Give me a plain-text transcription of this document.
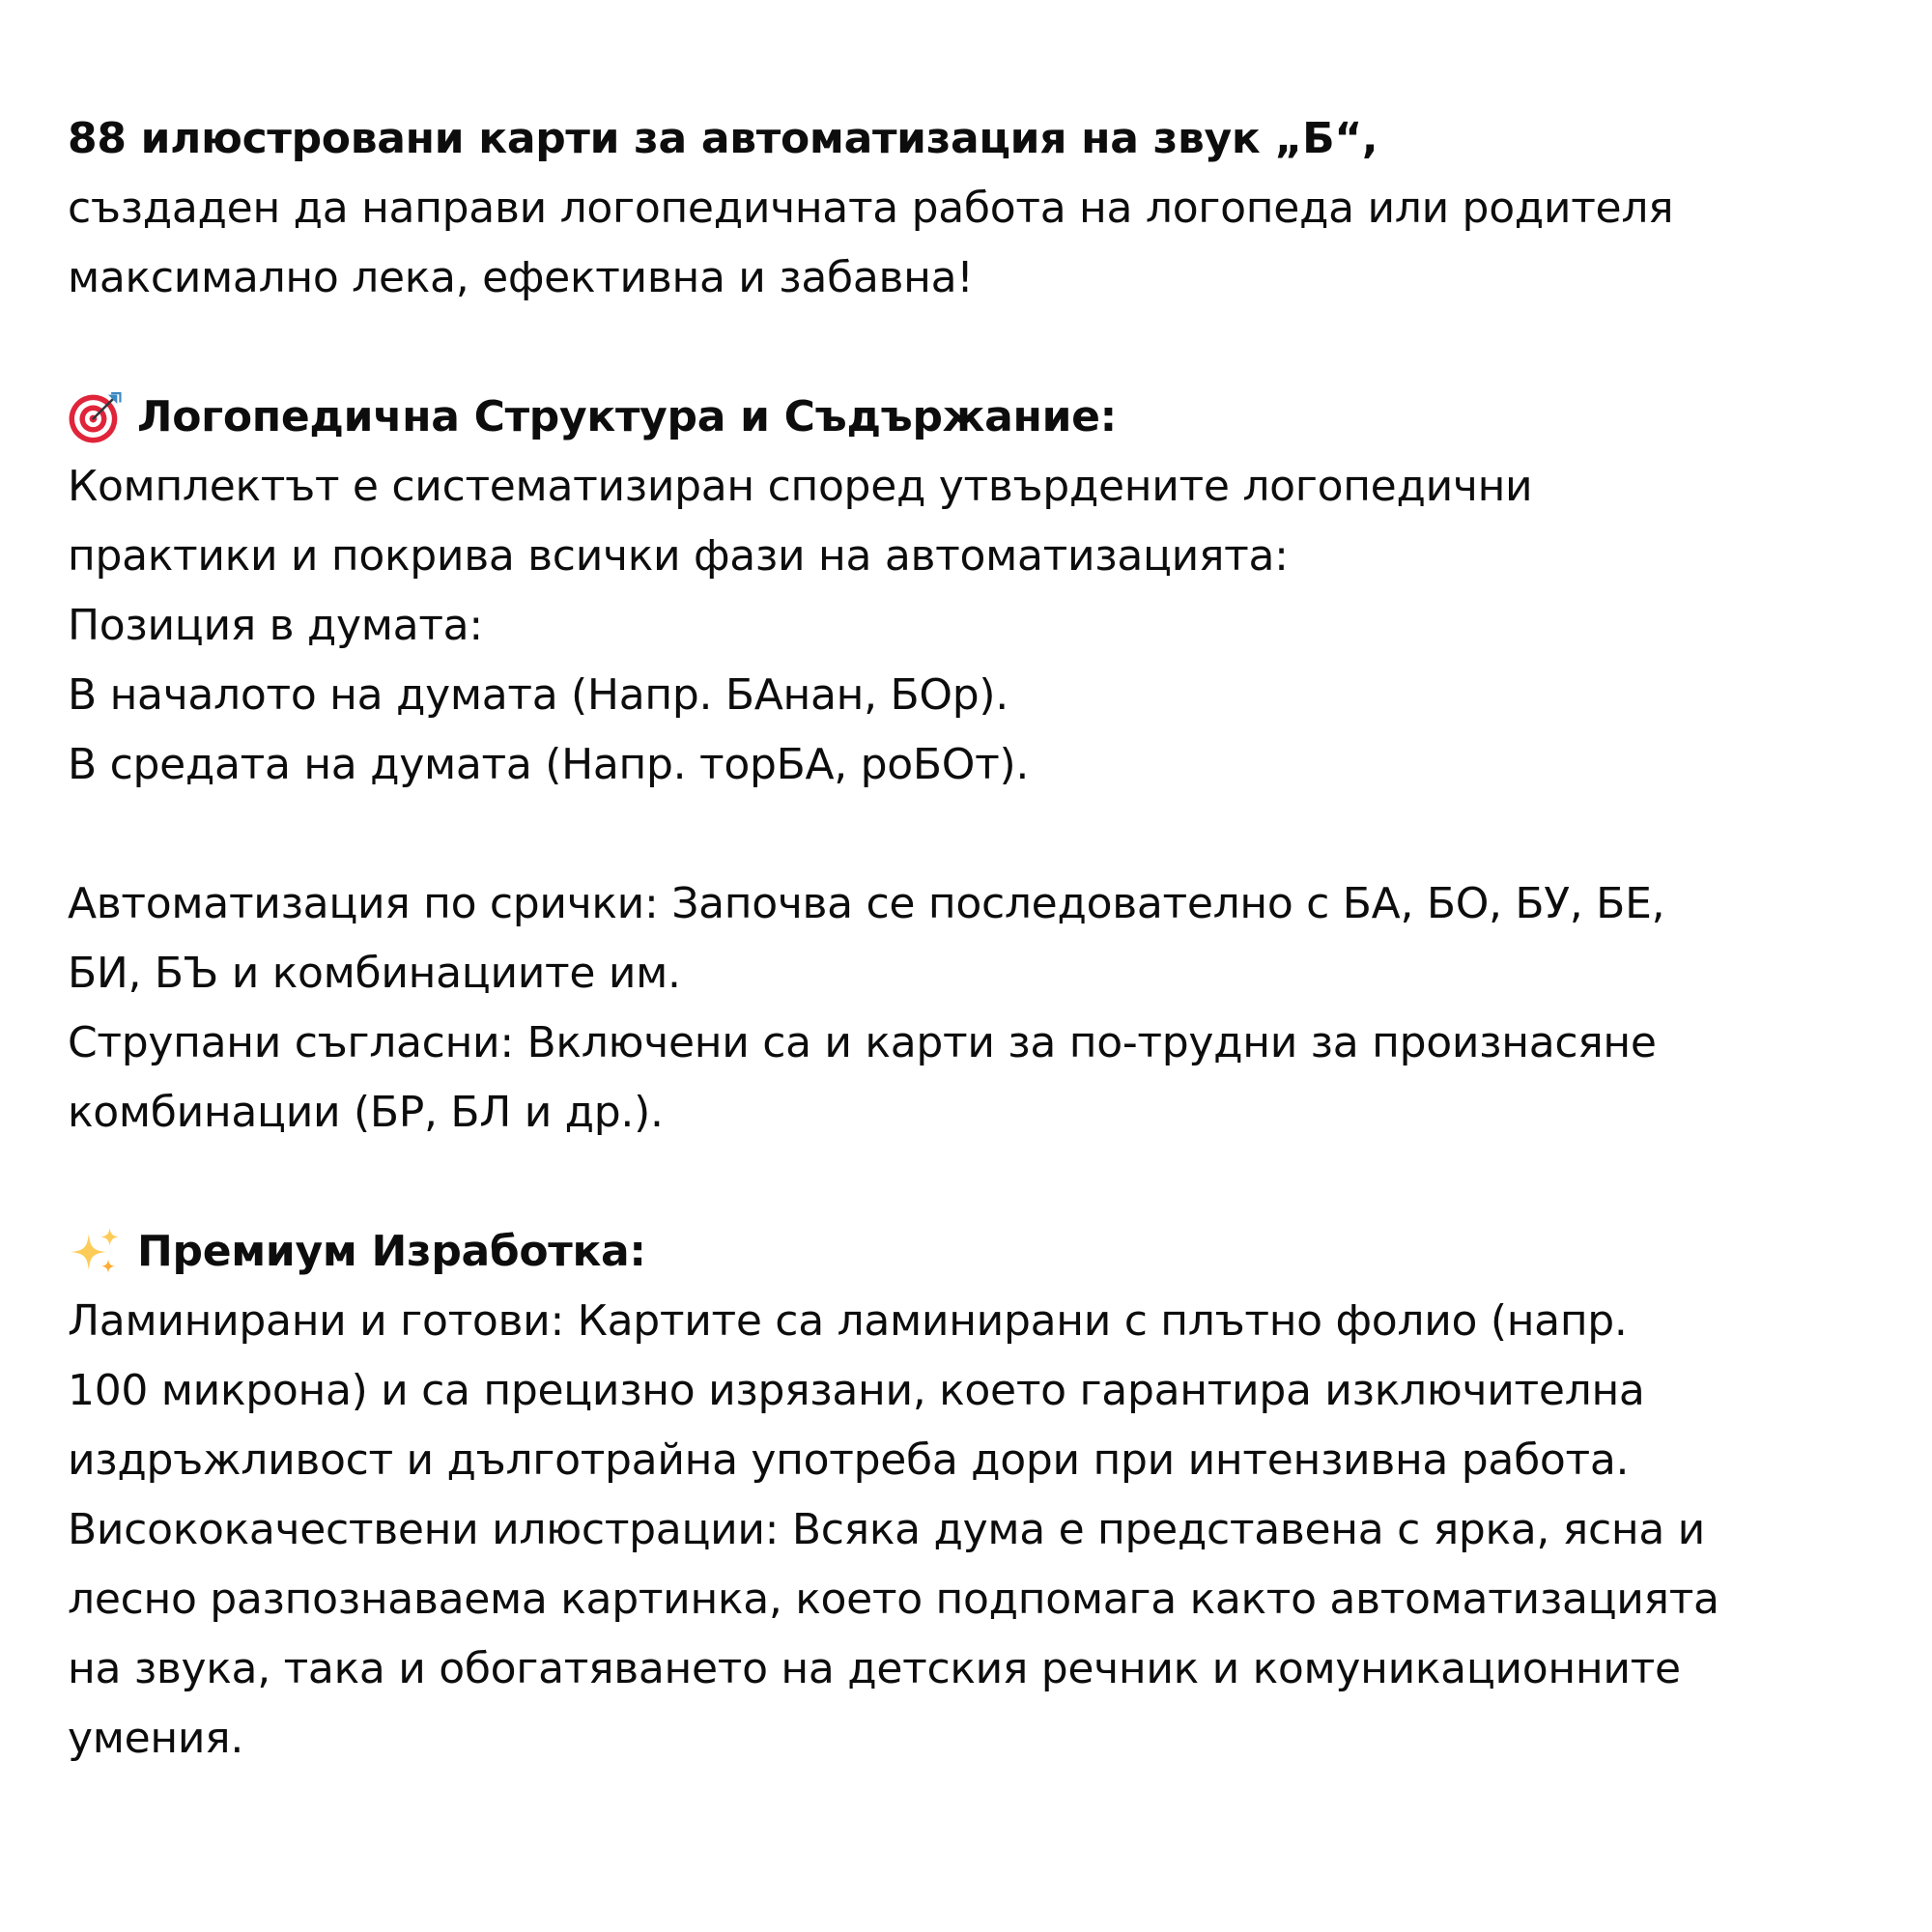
88 илюстровани карти за автоматизация на звук „Б“,
създаден да направи логопедичната работа на логопеда или родителя
максимално лека, ефективна и забавна!
Логопедична Структура и Съдържание:
Комплектът е систематизиран според утвърдените логопедични
практики и покрива всички фази на автоматизацията:
Позиция в думата:
В началото на думата (Напр. БАнан, БОр).
В средата на думата (Напр. торБА, роБОт).
Автоматизация по срички: Започва се последователно с БА, БО, БУ, БЕ,
БИ, БЪ и комбинациите им.
Струпани съгласни: Включени са и карти за по-трудни за произнасяне
комбинации (БР, БЛ и др.).
Премиум Изработка:
Ламинирани и готови: Картите са ламинирани с плътно фолио (напр.
100 микрона) и са прецизно изрязани, което гарантира изключителна
издръжливост и дълготрайна употреба дори при интензивна работа.
Висококачествени илюстрации: Всяка дума е представена с ярка, ясна и
лесно разпознаваема картинка, което подпомага както автоматизацията
на звука, така и обогатяването на детския речник и комуникационните
умения.
